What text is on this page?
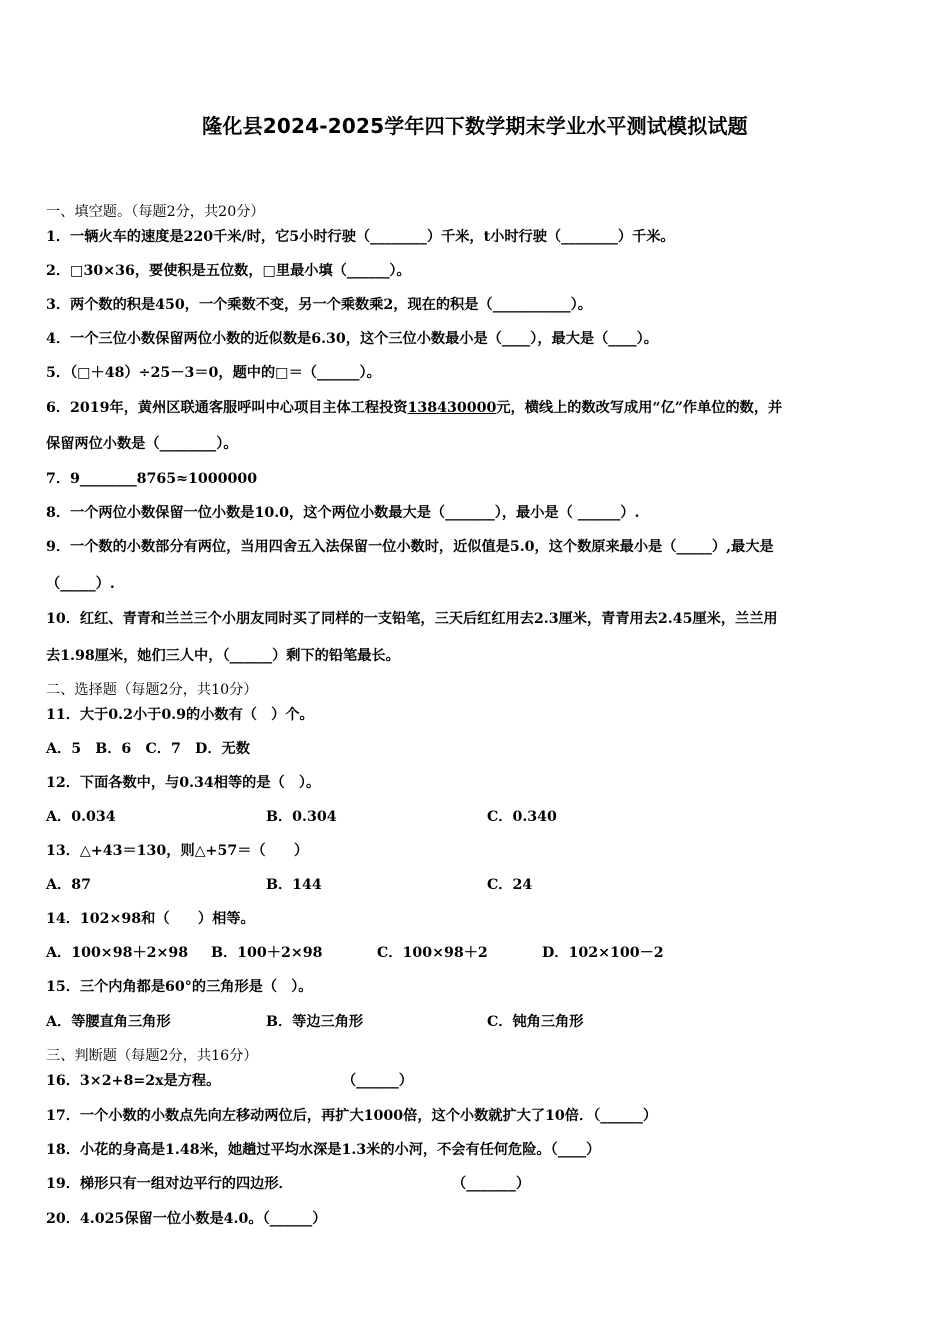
隆化县2024-2025学年四下数学期末学业水平测试模拟试题
一、填空题。（每题2分，共20分）
1．一辆火车的速度是220千米/时，它5小时行驶（________）千米，t小时行驶（________）千米。
2．□30×36，要使积是五位数，□里最小填（______）。
3．两个数的积是450，一个乘数不变，另一个乘数乘2，现在的积是（___________）。
4．一个三位小数保留两位小数的近似数是6.30，这个三位小数最小是（____），最大是（____）。
5．（□＋48）÷25－3＝0，题中的□＝（______）。
6．2019年，黄州区联通客服呼叫中心项目主体工程投资138430000元，横线上的数改写成用“亿”作单位的数，并
保留两位小数是（________）。
7．9________8765≈1000000
8．一个两位小数保留一位小数是10.0，这个两位小数最大是（_______），最小是（ ______）.
9．一个数的小数部分有两位，当用四舍五入法保留一位小数时，近似值是5.0，这个数原来最小是（_____）,最大是
（_____）.
10．红红、青青和兰兰三个小朋友同时买了同样的一支铅笔，三天后红红用去2.3厘米，青青用去2.45厘米，兰兰用
去1.98厘米，她们三人中，（______）剩下的铅笔最长。
二、选择题（每题2分，共10分）
11．大于0.2小于0.9的小数有（　）个。
A．5　B．6　C．7　D．无数
12．下面各数中，与0.34相等的是（　）。
A．0.034	B．0.304	C．0.340
13．△+43＝130，则△+57＝（　　）
A．87	B．144	C．24
14．102×98和（　　）相等。
A．100×98＋2×98 B．100＋2×98	C．100×98＋2	D．102×100－2
15．三个内角都是60°的三角形是（　）。
A．等腰直角三角形	B．等边三角形	C．钝角三角形
三、判断题（每题2分，共16分）
16．3×2+8=2x是方程。	（______）
17．一个小数的小数点先向左移动两位后，再扩大1000倍，这个小数就扩大了10倍．（______）
18．小花的身高是1.48米，她趟过平均水深是1.3米的小河，不会有任何危险。（____）
19．梯形只有一组对边平行的四边形．	（_______）
20．4.025保留一位小数是4.0。（______）
